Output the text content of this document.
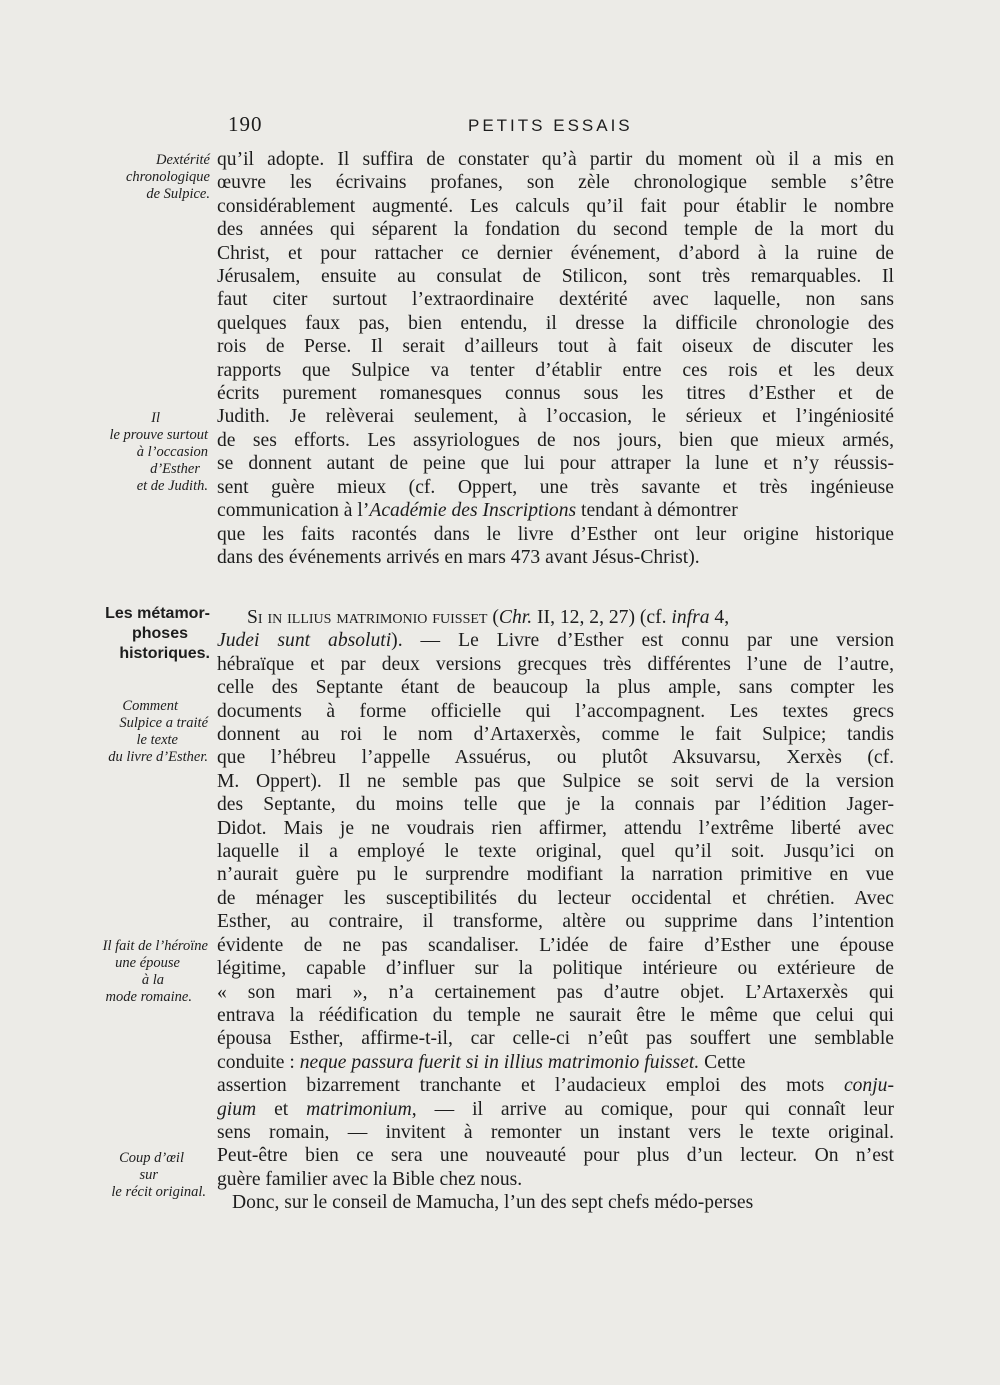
190	PETITS ESSAIS
Dextérité
chronologique
de Sulpice.
Il
le prouve surtout
à l’occasion
d’Esther
et de Judith.
Les métamor-
phoses
historiques.
Comment
Sulpice a traité
le texte
du livre d’Esther.
Il fait de l’héroïne
une épouse
à la
mode romaine.
Coup d’œil
sur
le récit original.
qu’il adopte. Il suffira de constater qu’à partir du moment où il a mis en
œuvre les écrivains profanes, son zèle chronologique semble s’être
considérablement augmenté. Les calculs qu’il fait pour établir le nombre
des années qui séparent la fondation du second temple de la mort du
Christ, et pour rattacher ce dernier événement, d’abord à la ruine de
Jérusalem, ensuite au consulat de Stilicon, sont très remarquables. Il
faut citer surtout l’extraordinaire dextérité avec laquelle, non sans
quelques faux pas, bien entendu, il dresse la difficile chronologie des
rois de Perse. Il serait d’ailleurs tout à fait oiseux de discuter les
rapports que Sulpice va tenter d’établir entre ces rois et les deux
écrits purement romanesques connus sous les titres d’Esther et de
Judith. Je relèverai seulement, à l’occasion, le sérieux et l’ingéniosité
de ses efforts. Les assyriologues de nos jours, bien que mieux armés,
se donnent autant de peine que lui pour attraper la lune et n’y réussis-
sent guère mieux (cf. Oppert, une très savante et très ingénieuse
communication à l’Académie des Inscriptions tendant à démontrer
que les faits racontés dans le livre d’Esther ont leur origine historique
dans des événements arrivés en mars 473 avant Jésus-Christ).
Si in illius matrimonio fuisset (Chr. II, 12, 2, 27) (cf. infra 4,
Judei sunt absoluti). — Le Livre d’Esther est connu par une version
hébraïque et par deux versions grecques très différentes l’une de l’autre,
celle des Septante étant de beaucoup la plus ample, sans compter les
documents à forme officielle qui l’accompagnent. Les textes grecs
donnent au roi le nom d’Artaxerxès, comme le fait Sulpice; tandis
que l’hébreu l’appelle Assuérus, ou plutôt Aksuvarsu, Xerxès (cf.
M. Oppert). Il ne semble pas que Sulpice se soit servi de la version
des Septante, du moins telle que je la connais par l’édition Jager-
Didot. Mais je ne voudrais rien affirmer, attendu l’extrême liberté avec
laquelle il a employé le texte original, quel qu’il soit. Jusqu’ici on
n’aurait guère pu le surprendre modifiant la narration primitive en vue
de ménager les susceptibilités du lecteur occidental et chrétien. Avec
Esther, au contraire, il transforme, altère ou supprime dans l’intention
évidente de ne pas scandaliser. L’idée de faire d’Esther une épouse
légitime, capable d’influer sur la politique intérieure ou extérieure de
« son mari », n’a certainement pas d’autre objet. L’Artaxerxès qui
entrava la réédification du temple ne saurait être le même que celui qui
épousa Esther, affirme-t-il, car celle-ci n’eût pas souffert une semblable
conduite : neque passura fuerit si in illius matrimonio fuisset. Cette
assertion bizarrement tranchante et l’audacieux emploi des mots conju-
gium et matrimonium, — il arrive au comique, pour qui connaît leur
sens romain, — invitent à remonter un instant vers le texte original.
Peut-être bien ce sera une nouveauté pour plus d’un lecteur. On n’est
guère familier avec la Bible chez nous.
Donc, sur le conseil de Mamucha, l’un des sept chefs médo-perses
